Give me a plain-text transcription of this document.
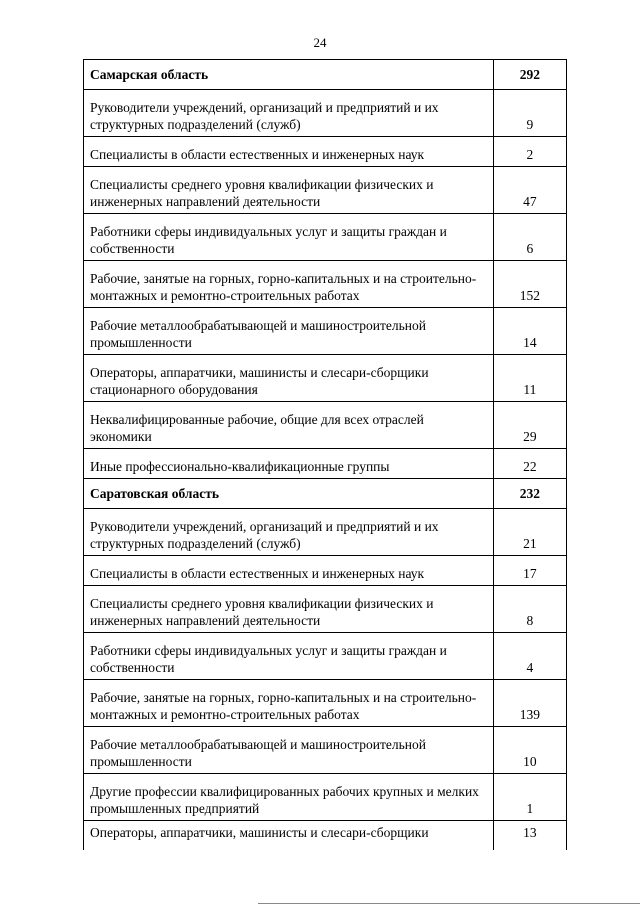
24
Самарская область	292
Руководители учреждений, организаций и предприятий и их структурных подразделений (служб)	9
Специалисты в области естественных и инженерных наук	2
Специалисты среднего уровня квалификации физических и инженерных направлений деятельности	47
Работники сферы индивидуальных услуг и защиты граждан и собственности	6
Рабочие, занятые на горных, горно-капитальных и на строительно-монтажных и ремонтно-строительных работах	152
Рабочие металлообрабатывающей и машиностроительной промышленности	14
Операторы, аппаратчики, машинисты и слесари-сборщики стационарного оборудования	11
Неквалифицированные рабочие, общие для всех отраслей экономики	29
Иные профессионально-квалификационные группы	22
Саратовская область	232
Руководители учреждений, организаций и предприятий и их структурных подразделений (служб)	21
Специалисты в области естественных и инженерных наук	17
Специалисты среднего уровня квалификации физических и инженерных направлений деятельности	8
Работники сферы индивидуальных услуг и защиты граждан и собственности	4
Рабочие, занятые на горных, горно-капитальных и на строительно-монтажных и ремонтно-строительных работах	139
Рабочие металлообрабатывающей и машиностроительной промышленности	10
Другие профессии квалифицированных рабочих крупных и мелких промышленных предприятий	1
Операторы, аппаратчики, машинисты и слесари-сборщики	13
